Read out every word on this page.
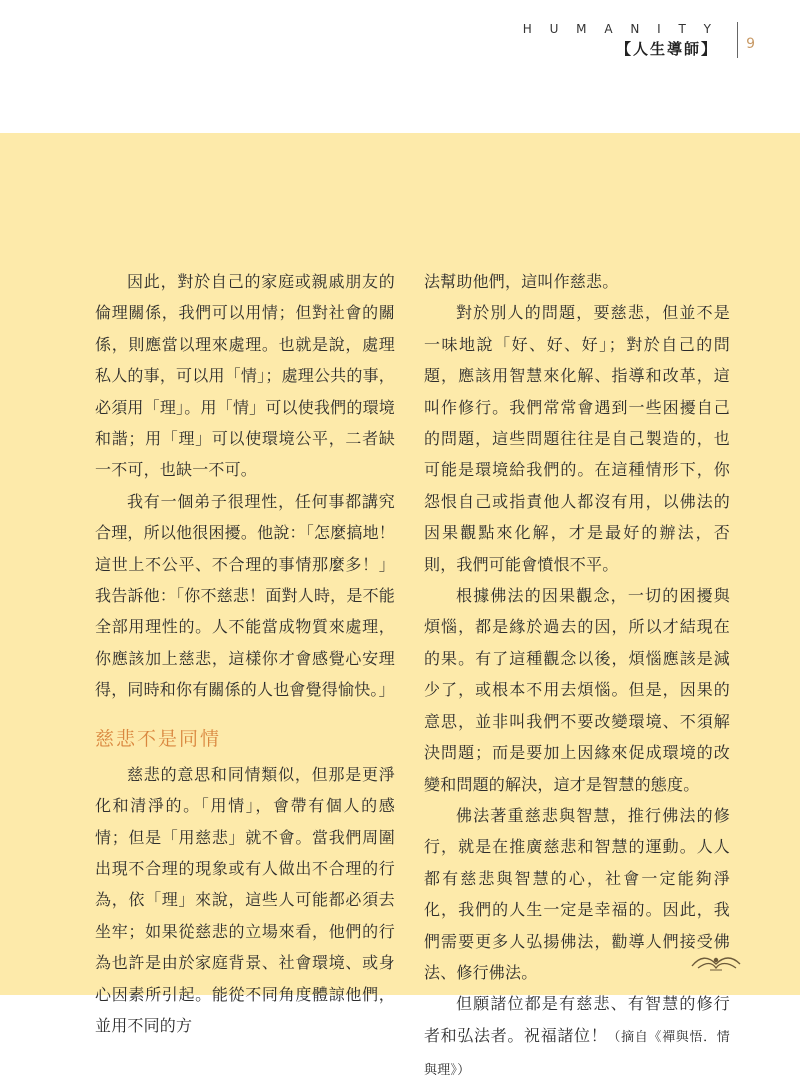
H U M A N I T Y
【人生導師】 9

因此，對於自己的家庭或親戚朋友的倫理關係，我們可以用情；但對社會的關係，則應當以理來處理。也就是說，處理私人的事，可以用「情」；處理公共的事，必須用「理」。用「情」可以使我們的環境和諧；用「理」可以使環境公平，二者缺一不可，也缺一不可。

我有一個弟子很理性，任何事都講究合理，所以他很困擾。他說：「怎麼搞地！這世上不公平、不合理的事情那麼多！」我告訴他：「你不慈悲！面對人時，是不能全部用理性的。人不能當成物質來處理，你應該加上慈悲，這樣你才會感覺心安理得，同時和你有關係的人也會覺得愉快。」

慈悲不是同情

慈悲的意思和同情類似，但那是更淨化和清淨的。「用情」，會帶有個人的感情；但是「用慈悲」就不會。當我們周圍出現不合理的現象或有人做出不合理的行為，依「理」來說，這些人可能都必須去坐牢；如果從慈悲的立場來看，他們的行為也許是由於家庭背景、社會環境、或身心因素所引起。能從不同角度體諒他們，並用不同的方

法幫助他們，這叫作慈悲。

對於別人的問題，要慈悲，但並不是一味地說「好、好、好」；對於自己的問題，應該用智慧來化解、指導和改革，這叫作修行。我們常常會遇到一些困擾自己的問題，這些問題往往是自己製造的，也可能是環境給我們的。在這種情形下，你怨恨自己或指責他人都沒有用，以佛法的因果觀點來化解，才是最好的辦法，否則，我們可能會憤恨不平。

根據佛法的因果觀念，一切的困擾與煩惱，都是緣於過去的因，所以才結現在的果。有了這種觀念以後，煩惱應該是減少了，或根本不用去煩惱。但是，因果的意思，並非叫我們不要改變環境、不須解決問題；而是要加上因緣來促成環境的改變和問題的解決，這才是智慧的態度。

佛法著重慈悲與智慧，推行佛法的修行，就是在推廣慈悲和智慧的運動。人人都有慈悲與智慧的心，社會一定能夠淨化，我們的人生一定是幸福的。因此，我們需要更多人弘揚佛法，勸導人們接受佛法、修行佛法。

但願諸位都是有慈悲、有智慧的修行者和弘法者。祝福諸位！（摘自《禪與悟．情與理》）
